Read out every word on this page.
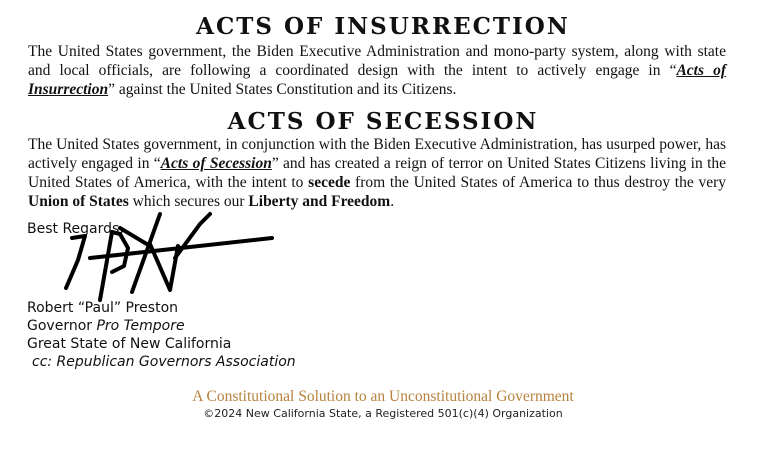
ACTS OF INSURRECTION
The United States government, the Biden Executive Administration and mono-party system, along with state and local officials, are following a coordinated design with the intent to actively engage in “Acts of Insurrection” against the United States Constitution and its Citizens.
ACTS OF SECESSION
The United States government, in conjunction with the Biden Executive Administration, has usurped power, has actively engaged in “Acts of Secession” and has created a reign of terror on United States Citizens living in the United States of America, with the intent to secede from the United States of America to thus destroy the very Union of States which secures our Liberty and Freedom.
Best Regards,
Robert “Paul” Preston
Governor Pro Tempore
Great State of New California
cc: Republican Governors Association
A Constitutional Solution to an Unconstitutional Government
©2024 New California State, a Registered 501(c)(4) Organization
